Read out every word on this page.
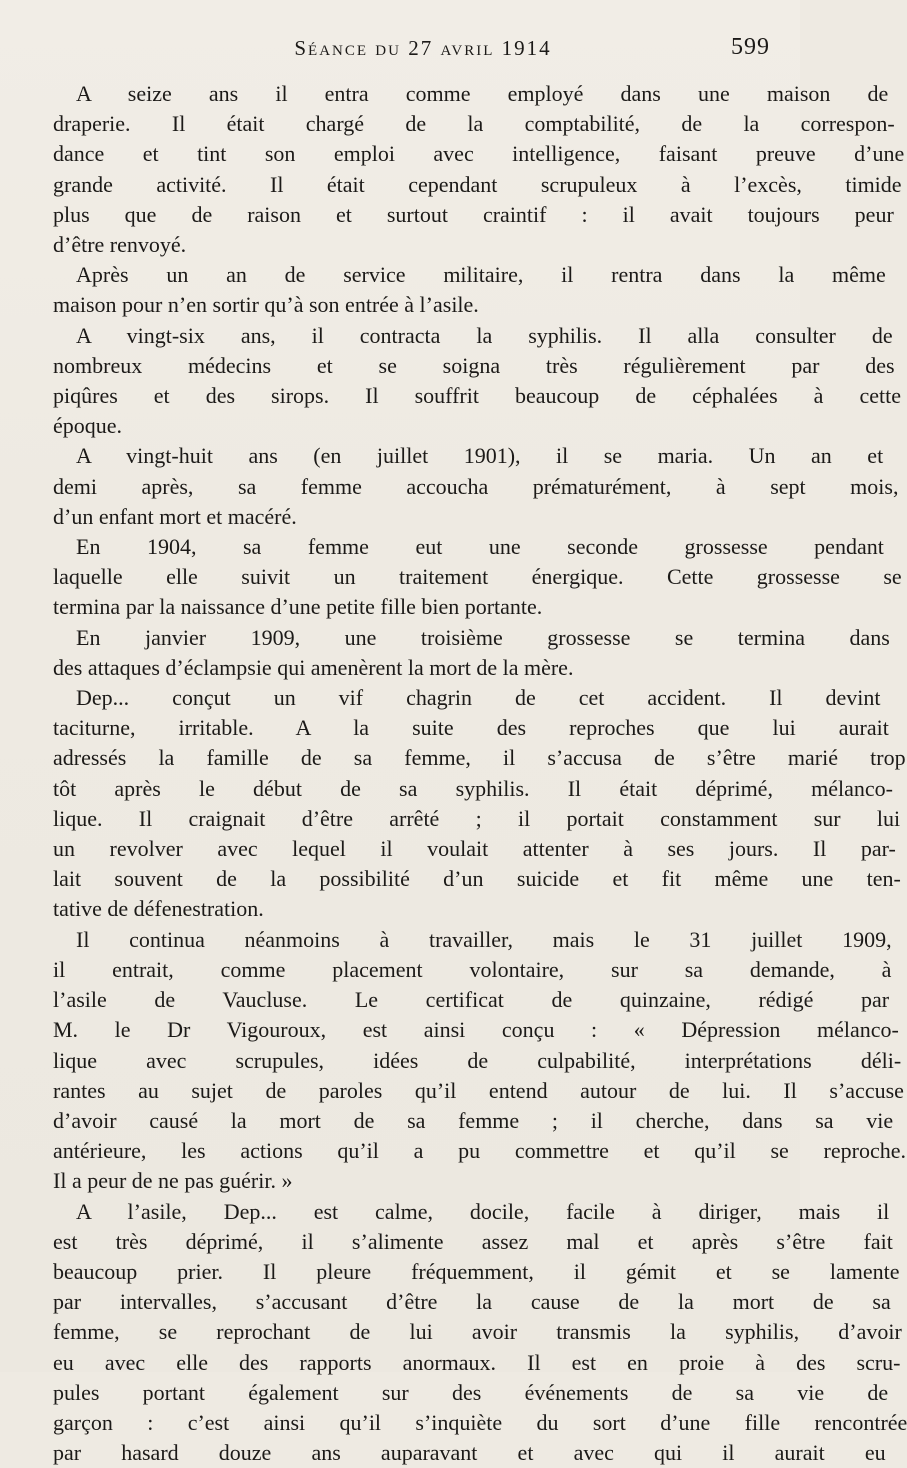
Séance du 27 avril 1914	599
A seize ans il entra comme employé dans une maison de
draperie. Il était chargé de la comptabilité, de la correspon-
dance et tint son emploi avec intelligence, faisant preuve d’une
grande activité. Il était cependant scrupuleux à l’excès, timide
plus que de raison et surtout craintif : il avait toujours peur
d’être renvoyé.
Après un an de service militaire, il rentra dans la même
maison pour n’en sortir qu’à son entrée à l’asile.
A vingt-six ans, il contracta la syphilis. Il alla consulter de
nombreux médecins et se soigna très régulièrement par des
piqûres et des sirops. Il souffrit beaucoup de céphalées à cette
époque.
A vingt-huit ans (en juillet 1901), il se maria. Un an et
demi après, sa femme accoucha prématurément, à sept mois,
d’un enfant mort et macéré.
En 1904, sa femme eut une seconde grossesse pendant
laquelle elle suivit un traitement énergique. Cette grossesse se
termina par la naissance d’une petite fille bien portante.
En janvier 1909, une troisième grossesse se termina dans
des attaques d’éclampsie qui amenèrent la mort de la mère.
Dep... conçut un vif chagrin de cet accident. Il devint
taciturne, irritable. A la suite des reproches que lui aurait
adressés la famille de sa femme, il s’accusa de s’être marié trop
tôt après le début de sa syphilis. Il était déprimé, mélanco-
lique. Il craignait d’être arrêté ; il portait constamment sur lui
un revolver avec lequel il voulait attenter à ses jours. Il par-
lait souvent de la possibilité d’un suicide et fit même une ten-
tative de défenestration.
Il continua néanmoins à travailler, mais le 31 juillet 1909,
il entrait, comme placement volontaire, sur sa demande, à
l’asile de Vaucluse. Le certificat de quinzaine, rédigé par
M. le Dr Vigouroux, est ainsi conçu : « Dépression mélanco-
lique avec scrupules, idées de culpabilité, interprétations déli-
rantes au sujet de paroles qu’il entend autour de lui. Il s’accuse
d’avoir causé la mort de sa femme ; il cherche, dans sa vie
antérieure, les actions qu’il a pu commettre et qu’il se reproche.
Il a peur de ne pas guérir. »
A l’asile, Dep... est calme, docile, facile à diriger, mais il
est très déprimé, il s’alimente assez mal et après s’être fait
beaucoup prier. Il pleure fréquemment, il gémit et se lamente
par intervalles, s’accusant d’être la cause de la mort de sa
femme, se reprochant de lui avoir transmis la syphilis, d’avoir
eu avec elle des rapports anormaux. Il est en proie à des scru-
pules portant également sur des événements de sa vie de
garçon : c’est ainsi qu’il s’inquiète du sort d’une fille rencontrée
par hasard douze ans auparavant et avec qui il aurait eu
